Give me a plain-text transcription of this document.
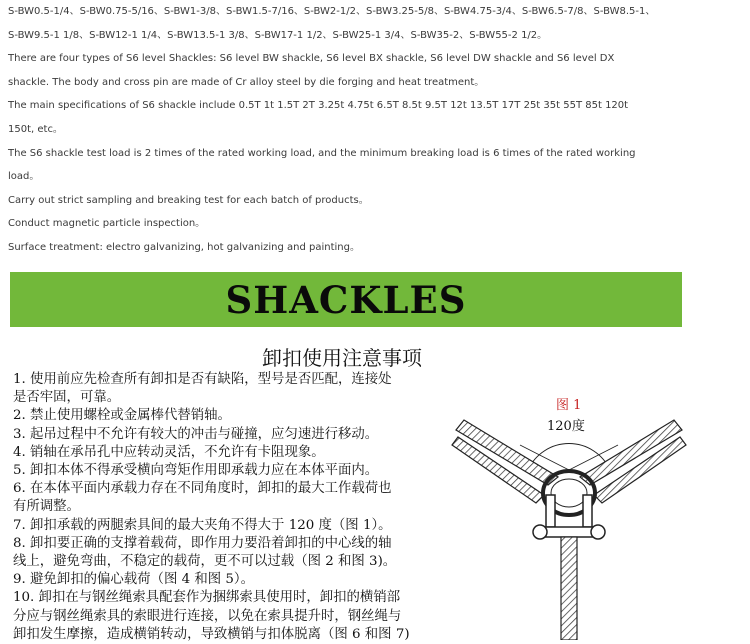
S-BW0.5-1/4、S-BW0.75-5/16、S-BW1-3/8、S-BW1.5-7/16、S-BW2-1/2、S-BW3.25-5/8、S-BW4.75-3/4、S-BW6.5-7/8、S-BW8.5-1、

S-BW9.5-1 1/8、S-BW12-1 1/4、S-BW13.5-1 3/8、S-BW17-1 1/2、S-BW25-1 3/4、S-BW35-2、S-BW55-2 1/2。

There are four types of S6 level Shackles: S6 level BW shackle, S6 level BX shackle, S6 level DW shackle and S6 level DX

shackle. The body and cross pin are made of Cr alloy steel by die forging and heat treatment。

The main specifications of S6 shackle include 0.5T 1t 1.5T 2T 3.25t 4.75t 6.5T 8.5t 9.5T 12t 13.5T 17T 25t 35t 55T 85t 120t

150t, etc。

The S6 shackle test load is 2 times of the rated working load, and the minimum breaking load is 6 times of the rated working

load。

Carry out strict sampling and breaking test for each batch of products。

Conduct magnetic particle inspection。

Surface treatment: electro galvanizing, hot galvanizing and painting。

SHACKLES
卸扣使用注意事项
1. 使用前应先检查所有卸扣是否有缺陷，型号是否匹配，连接处
是否牢固，可靠。
2. 禁止使用螺栓或金属棒代替销轴。
3. 起吊过程中不允许有较大的冲击与碰撞，应匀速进行移动。
4. 销轴在承吊孔中应转动灵活，不允许有卡阻现象。
5. 卸扣本体不得承受横向弯矩作用即承载力应在本体平面内。
6. 在本体平面内承载力存在不同角度时，卸扣的最大工作载荷也
有所调整。
7. 卸扣承载的两腿索具间的最大夹角不得大于 120 度（图 1）。
8. 卸扣要正确的支撑着载荷，即作用力要沿着卸扣的中心线的轴
线上，避免弯曲，不稳定的载荷，更不可以过载（图 2 和图 3)。
9. 避免卸扣的偏心载荷（图 4 和图 5）。
10. 卸扣在与钢丝绳索具配套作为捆绑索具使用时，卸扣的横销部
分应与钢丝绳索具的索眼进行连接，以免在索具提升时，钢丝绳与
卸扣发生摩擦，造成横销转动，导致横销与扣体脱离（图 6 和图 7)
图 1
120度
